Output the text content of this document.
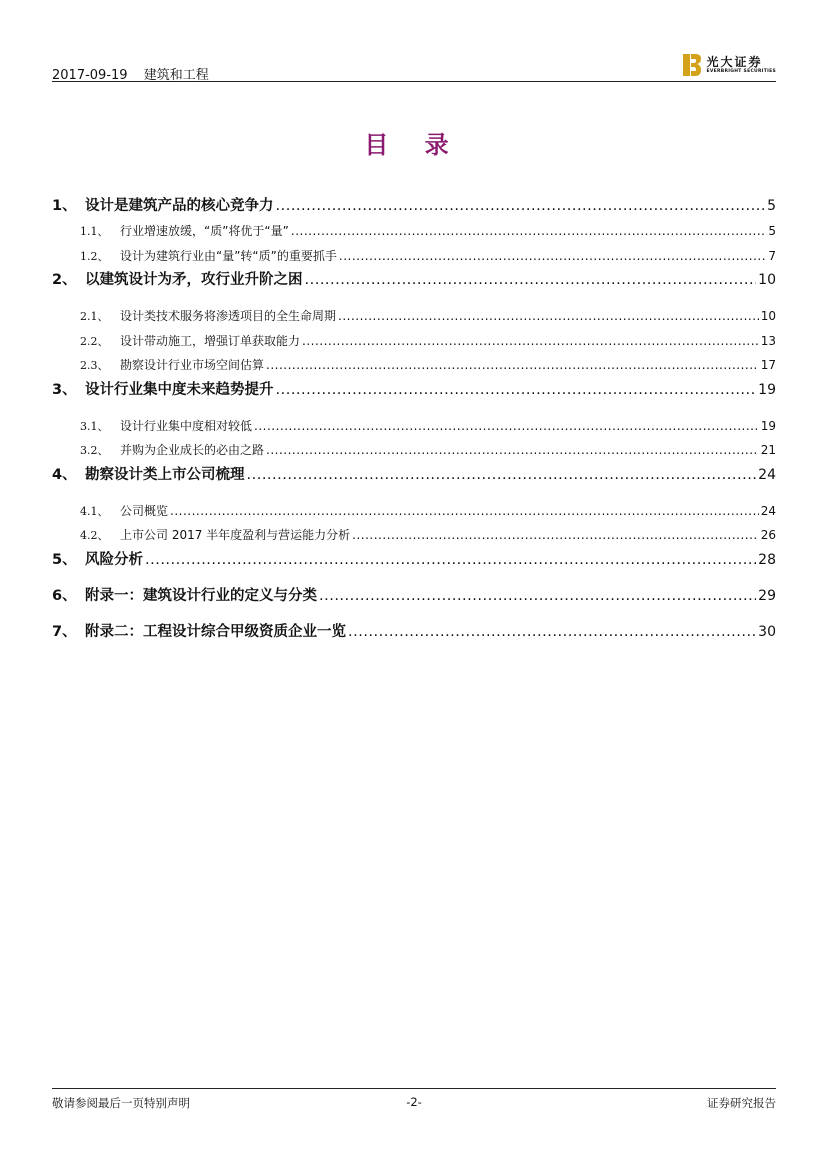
2017-09-19 建筑和工程
光大证券
EVERBRIGHT SECURITIES
目 录
1、 设计是建筑产品的核心竞争力 .....	5
1.1、 行业增速放缓，“质”将优于“量” .....	5
1.2、 设计为建筑行业由“量”转“质”的重要抓手 .....	7
2、 以建筑设计为矛，攻行业升阶之困 .....	10
2.1、 设计类技术服务将渗透项目的全生命周期 .....	10
2.2、 设计带动施工，增强订单获取能力 .....	13
2.3、 勘察设计行业市场空间估算 .....	17
3、 设计行业集中度未来趋势提升 .....	19
3.1、 设计行业集中度相对较低 .....	19
3.2、 并购为企业成长的必由之路 .....	21
4、 勘察设计类上市公司梳理 .....	24
4.1、 公司概览 .....	24
4.2、 上市公司 2017 半年度盈利与营运能力分析 .....	26
5、 风险分析 .....	28
6、 附录一：建筑设计行业的定义与分类 .....	29
7、 附录二：工程设计综合甲级资质企业一览 .....	30
敬请参阅最后一页特别声明	-2-	证券研究报告
